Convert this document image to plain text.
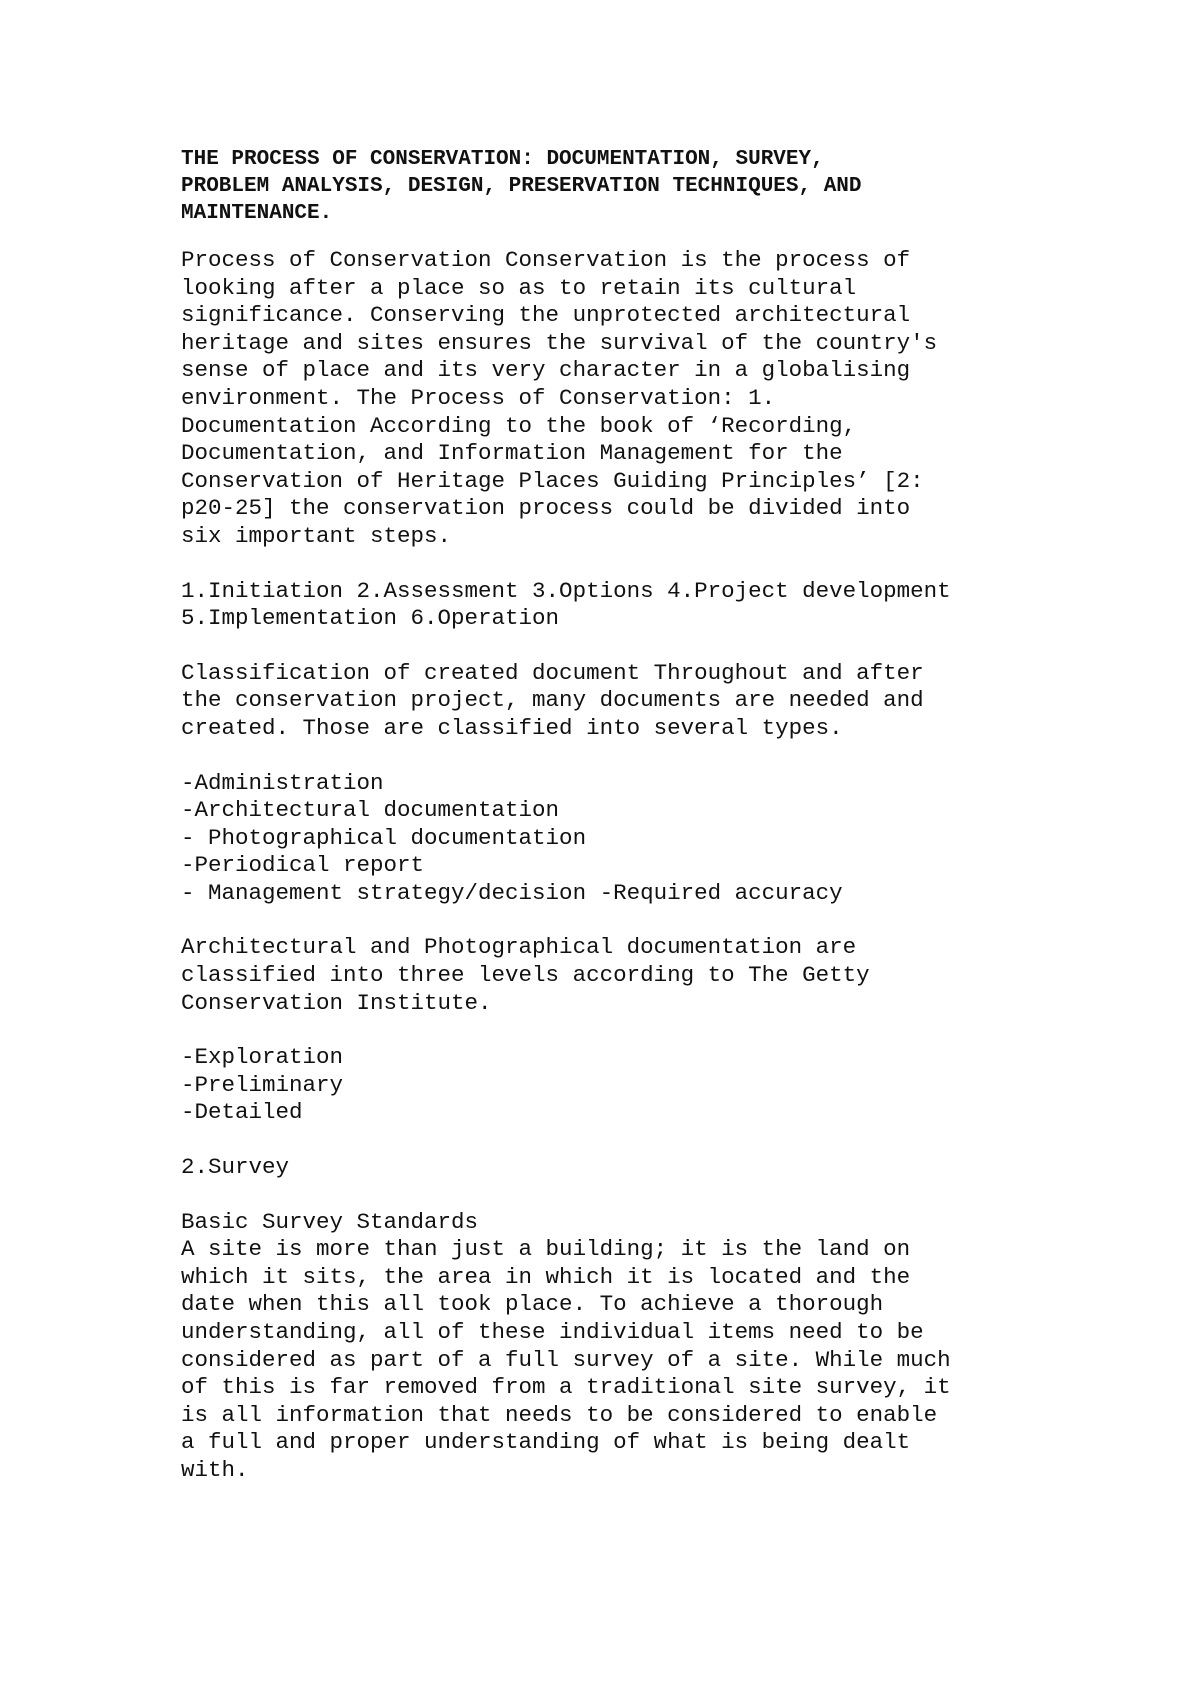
THE PROCESS OF CONSERVATION: DOCUMENTATION, SURVEY,
PROBLEM ANALYSIS, DESIGN, PRESERVATION TECHNIQUES, AND
MAINTENANCE.
Process of Conservation Conservation is the process of
looking after a place so as to retain its cultural
significance. Conserving the unprotected architectural
heritage and sites ensures the survival of the country's
sense of place and its very character in a globalising
environment. The Process of Conservation: 1.
Documentation According to the book of ‘Recording,
Documentation, and Information Management for the
Conservation of Heritage Places Guiding Principles’ [2:
p20-25] the conservation process could be divided into
six important steps.
1.Initiation 2.Assessment 3.Options 4.Project development
5.Implementation 6.Operation
Classification of created document Throughout and after
the conservation project, many documents are needed and
created. Those are classified into several types.
-Administration
-Architectural documentation
- Photographical documentation
-Periodical report
- Management strategy/decision -Required accuracy
Architectural and Photographical documentation are
classified into three levels according to The Getty
Conservation Institute.
-Exploration
-Preliminary
-Detailed
2.Survey
Basic Survey Standards
A site is more than just a building; it is the land on
which it sits, the area in which it is located and the
date when this all took place. To achieve a thorough
understanding, all of these individual items need to be
considered as part of a full survey of a site. While much
of this is far removed from a traditional site survey, it
is all information that needs to be considered to enable
a full and proper understanding of what is being dealt
with.
